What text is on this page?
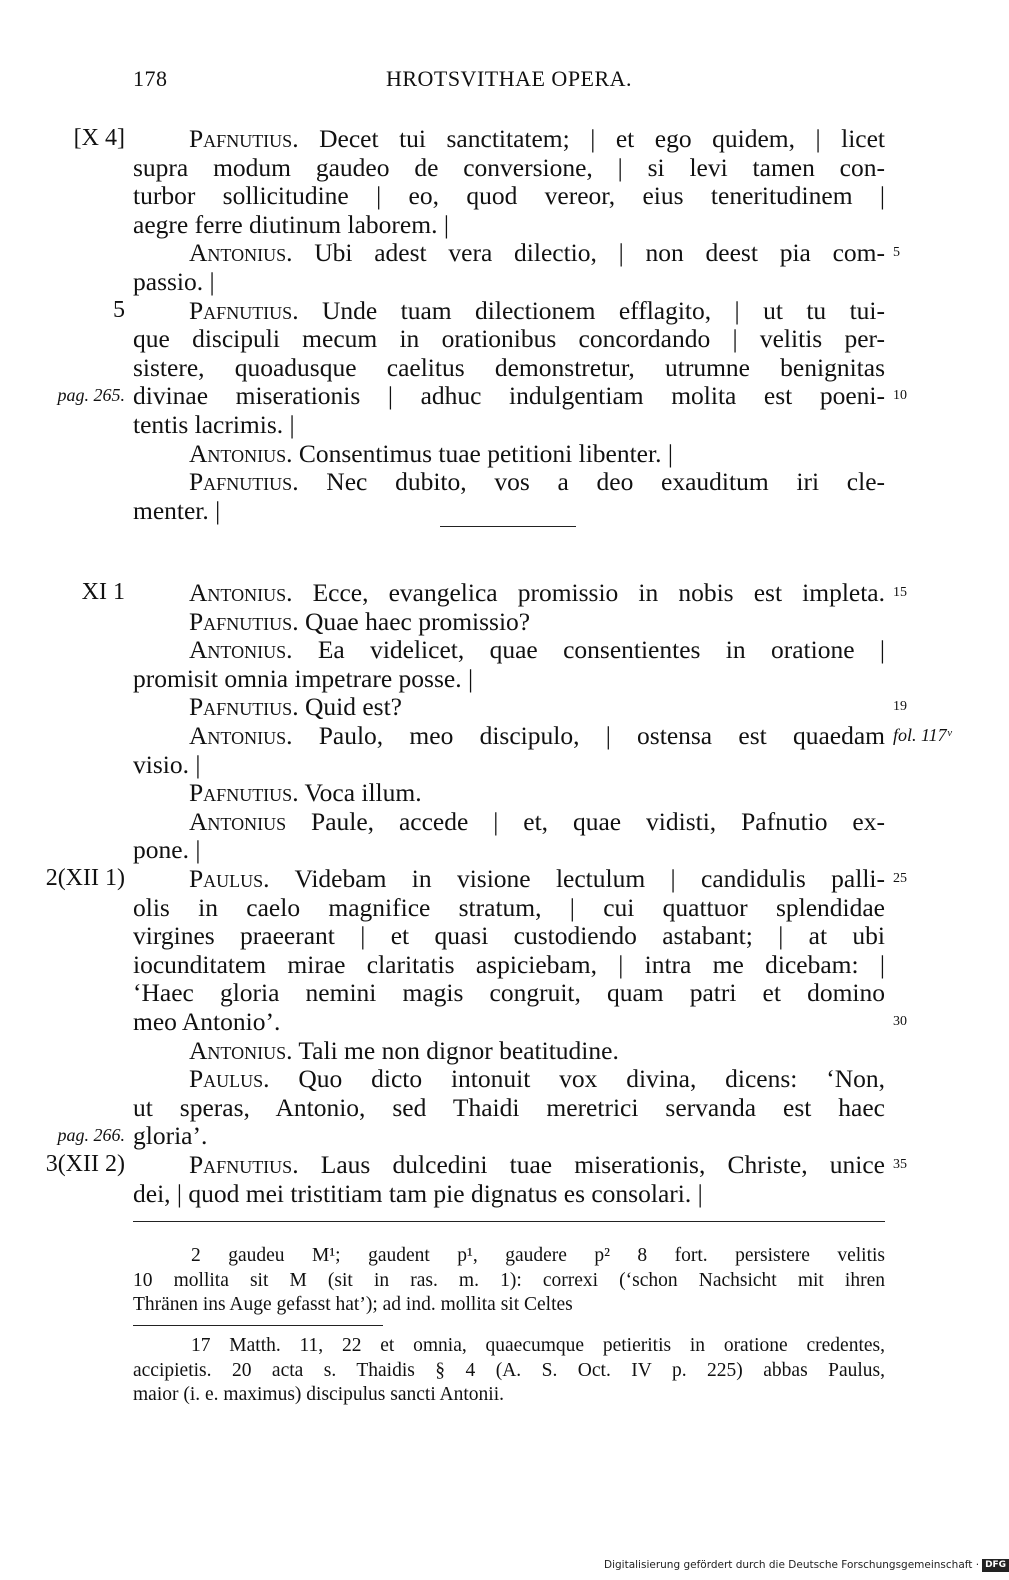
178	HROTSVITHAE OPERA.
Pafnutius. Decet tui sanctitatem; | et ego quidem, | licet
[X 4]
supra modum gaudeo de conversione, | si levi tamen con-
turbor sollicitudine | eo, quod vereor, eius teneritudinem |
aegre ferre diutinum laborem. |
Antonius. Ubi adest vera dilectio, | non deest pia com- 5
passio. |
Pafnutius. Unde tuam dilectionem efflagito, | ut tu tui-
5
que discipuli mecum in orationibus concordando | velitis per-
sistere, quoadusque caelitus demonstretur, utrumne benignitas
divinae miserationis | adhuc indulgentiam molita est poeni-
pag. 265.	10
tentis lacrimis. |
Antonius. Consentimus tuae petitioni libenter. |
Pafnutius. Nec dubito, vos a deo exauditum iri cle-
menter. |
Antonius. Ecce, evangelica promissio in nobis est impleta.
XI 1	15
Pafnutius. Quae haec promissio?
Antonius. Ea videlicet, quae consentientes in oratione |
promisit omnia impetrare posse. |
Pafnutius. Quid est?	19
Antonius. Paulo, meo discipulo, | ostensa est quaedam fol. 117ᵛ
visio. |
Pafnutius. Voca illum.
Antonius Paule, accede | et, quae vidisti, Pafnutio ex-
pone. |
Paulus. Videbam in visione lectulum | candidulis palli-
2(XII 1)	25
olis in caelo magnifice stratum, | cui quattuor splendidae
virgines praeerant | et quasi custodiendo astabant; | at ubi
iocunditatem mirae claritatis aspiciebam, | intra me dicebam: |
‘Haec gloria nemini magis congruit, quam patri et domino
meo Antonio’.	30
Antonius. Tali me non dignor beatitudine.
Paulus. Quo dicto intonuit vox divina, dicens: ‘Non,
ut speras, Antonio, sed Thaidi meretrici servanda est haec
gloria’.
pag. 266.
Pafnutius. Laus dulcedini tuae miserationis, Christe, unice
3(XII 2)	35
dei, | quod mei tristitiam tam pie dignatus es consolari. |
2 gaudeu M¹; gaudent p¹, gaudere p² 8 fort. persistere velitis
10 mollita sit M (sit in ras. m. 1): correxi (‘schon Nachsicht mit ihren
Thränen ins Auge gefasst hat’); ad ind. mollita sit Celtes
17 Matth. 11, 22 et omnia, quaecumque petieritis in oratione credentes,
accipietis. 20 acta s. Thaidis § 4 (A. S. Oct. IV p. 225) abbas Paulus,
maior (i. e. maximus) discipulus sancti Antonii.
Digitalisierung gefördert durch die Deutsche Forschungsgemeinschaft · DFG
